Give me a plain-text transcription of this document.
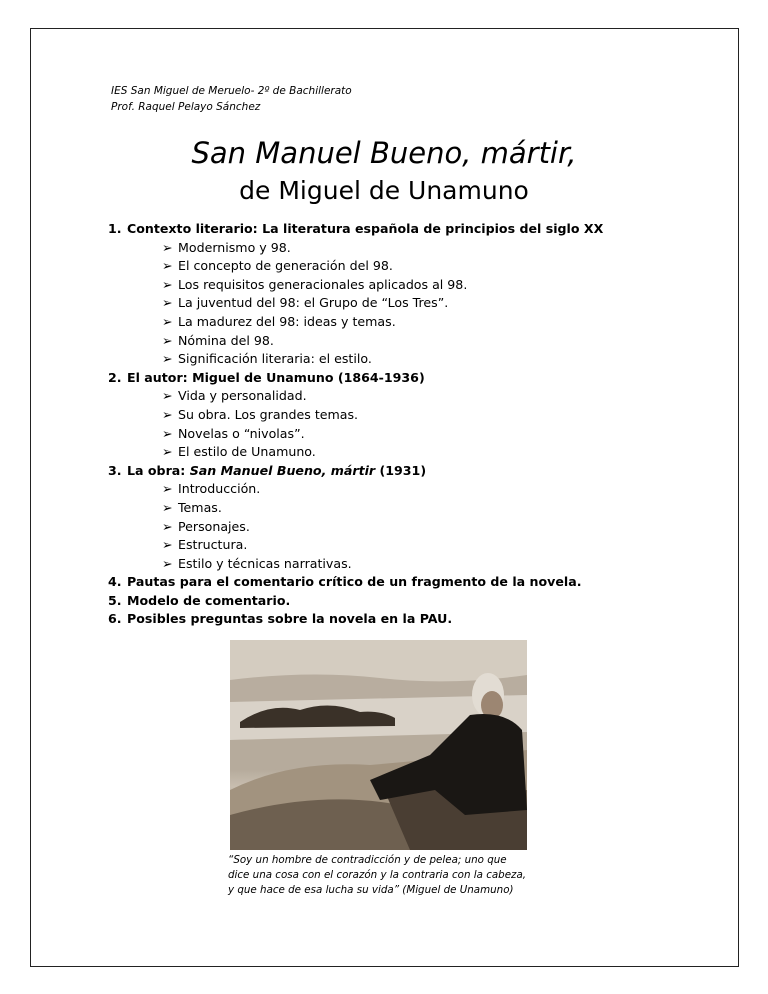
IES San Miguel de Meruelo- 2º de Bachillerato
Prof. Raquel Pelayo Sánchez
San Manuel Bueno, mártir,
de Miguel de Unamuno
1. Contexto literario: La literatura española de principios del siglo XX
➢ Modernismo y 98.
➢ El concepto de generación del 98.
➢ Los requisitos generacionales aplicados al 98.
➢ La juventud del 98: el Grupo de “Los Tres”.
➢ La madurez del 98: ideas y temas.
➢ Nómina del 98.
➢ Significación literaria: el estilo.
2. El autor: Miguel de Unamuno (1864-1936)
➢ Vida y personalidad.
➢ Su obra. Los grandes temas.
➢ Novelas o “nivolas”.
➢ El estilo de Unamuno.
3. La obra: San Manuel Bueno, mártir (1931)
➢ Introducción.
➢ Temas.
➢ Personajes.
➢ Estructura.
➢ Estilo y técnicas narrativas.
4. Pautas para el comentario crítico de un fragmento de la novela.
5. Modelo de comentario.
6. Posibles preguntas sobre la novela en la PAU.
“Soy un hombre de contradicción y de pelea; uno que dice una cosa con el corazón y la contraria con la cabeza, y que hace de esa lucha su vida” (Miguel de Unamuno)
